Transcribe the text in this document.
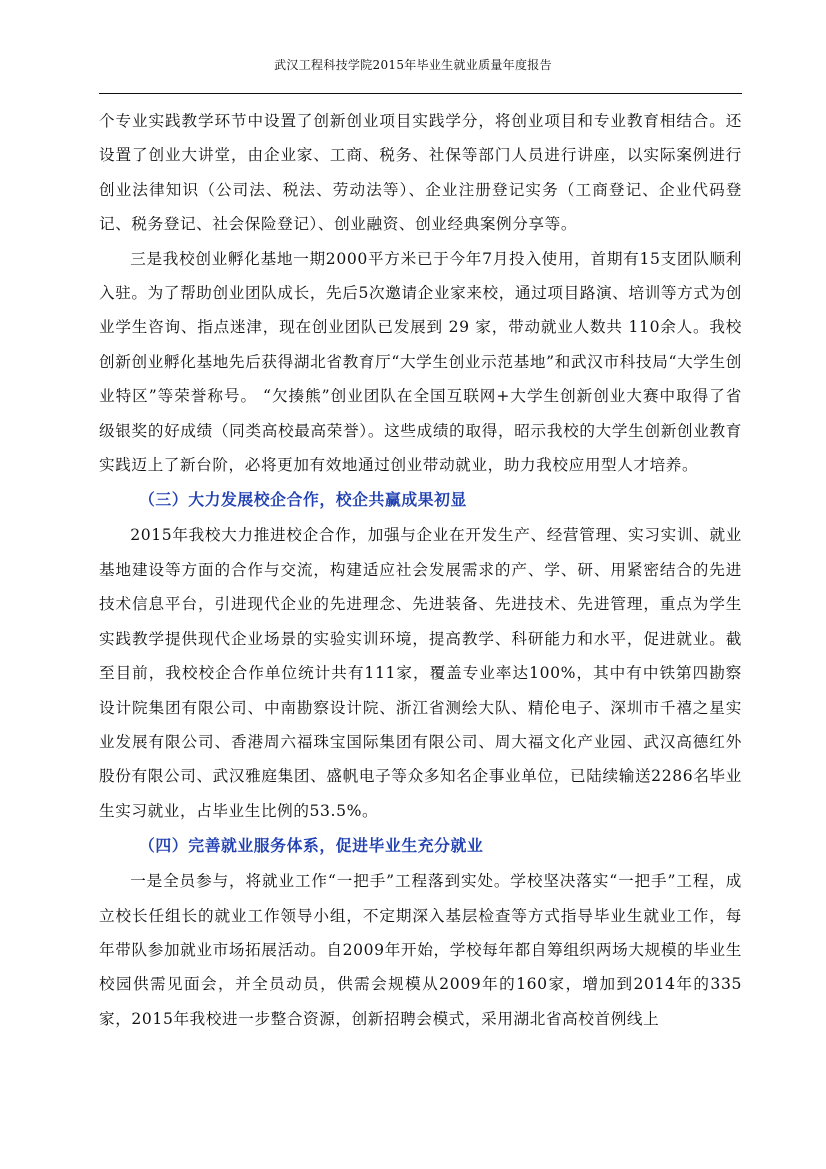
武汉工程科技学院2015年毕业生就业质量年度报告

个专业实践教学环节中设置了创新创业项目实践学分，将创业项目和专业教育相结合。还设置了创业大讲堂，由企业家、工商、税务、社保等部门人员进行讲座，以实际案例进行创业法律知识（公司法、税法、劳动法等）、企业注册登记实务（工商登记、企业代码登记、税务登记、社会保险登记）、创业融资、创业经典案例分享等。

三是我校创业孵化基地一期2000平方米已于今年7月投入使用，首期有15支团队顺利入驻。为了帮助创业团队成长，先后5次邀请企业家来校，通过项目路演、培训等方式为创业学生咨询、指点迷津，现在创业团队已发展到 29 家，带动就业人数共 110余人。我校创新创业孵化基地先后获得湖北省教育厅“大学生创业示范基地”和武汉市科技局“大学生创业特区”等荣誉称号。 “欠揍熊”创业团队在全国互联网+大学生创新创业大赛中取得了省级银奖的好成绩（同类高校最高荣誉）。这些成绩的取得，昭示我校的大学生创新创业教育实践迈上了新台阶，必将更加有效地通过创业带动就业，助力我校应用型人才培养。

（三）大力发展校企合作，校企共赢成果初显

2015年我校大力推进校企合作，加强与企业在开发生产、经营管理、实习实训、就业基地建设等方面的合作与交流，构建适应社会发展需求的产、学、研、用紧密结合的先进技术信息平台，引进现代企业的先进理念、先进装备、先进技术、先进管理，重点为学生实践教学提供现代企业场景的实验实训环境，提高教学、科研能力和水平，促进就业。截至目前，我校校企合作单位统计共有111家，覆盖专业率达100%，其中有中铁第四勘察设计院集团有限公司、中南勘察设计院、浙江省测绘大队、精伦电子、深圳市千禧之星实业发展有限公司、香港周六福珠宝国际集团有限公司、周大福文化产业园、武汉高德红外股份有限公司、武汉雅庭集团、盛帆电子等众多知名企事业单位，已陆续输送2286名毕业生实习就业，占毕业生比例的53.5%。

（四）完善就业服务体系，促进毕业生充分就业

一是全员参与，将就业工作“一把手”工程落到实处。学校坚决落实“一把手”工程，成立校长任组长的就业工作领导小组，不定期深入基层检查等方式指导毕业生就业工作，每年带队参加就业市场拓展活动。自2009年开始，学校每年都自筹组织两场大规模的毕业生校园供需见面会，并全员动员，供需会规模从2009年的160家，增加到2014年的335家，2015年我校进一步整合资源，创新招聘会模式，采用湖北省高校首例线上
